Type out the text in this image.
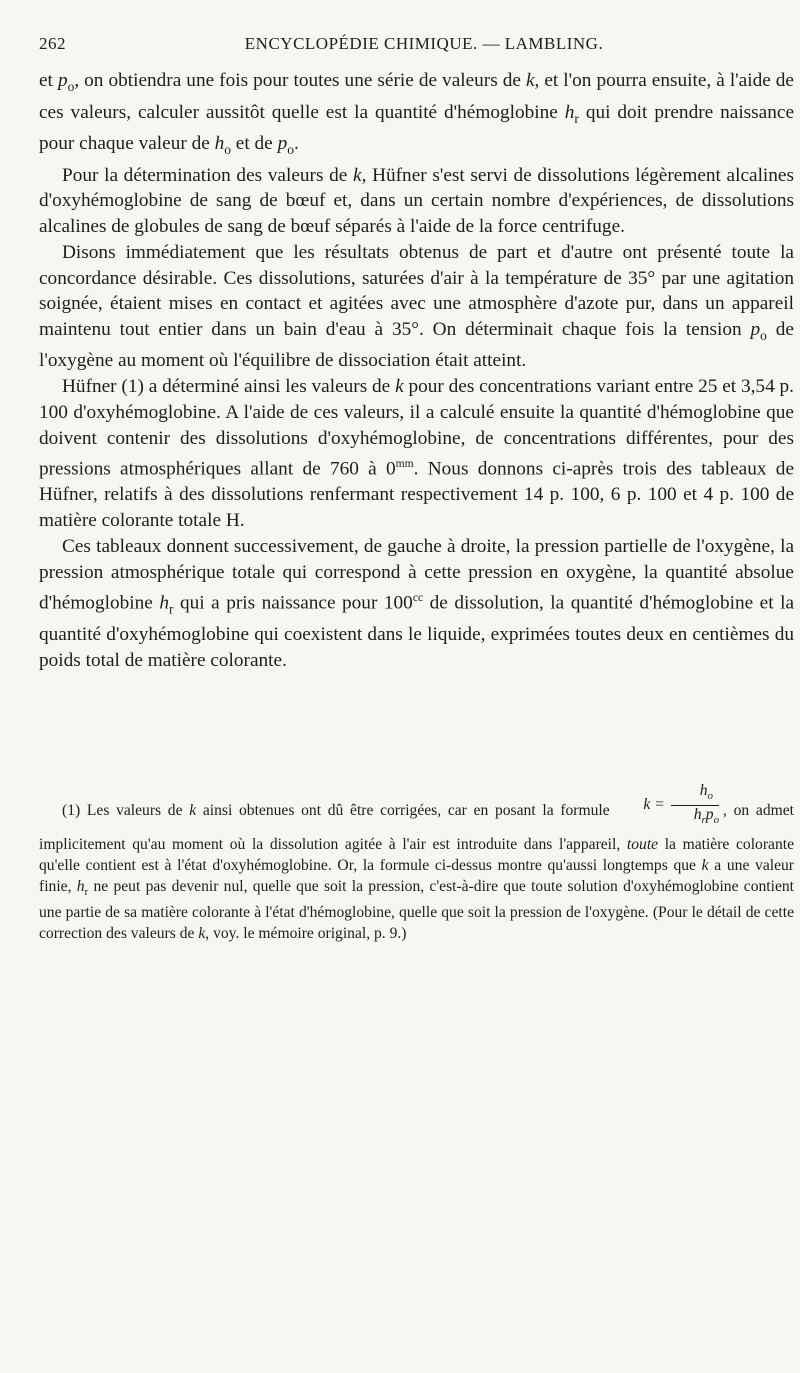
262	ENCYCLOPÉDIE CHIMIQUE. — LAMBLING.

et $p_o$, on obtiendra une fois pour toutes une série de valeurs de k, et l'on pourra ensuite, à l'aide de ces valeurs, calculer aussitôt quelle est la quantité d'hémoglobine $h_r$ qui doit prendre naissance pour chaque valeur de $h_o$ et de $p_o$.

Pour la détermination des valeurs de k, Hüfner s'est servi de dissolutions légèrement alcalines d'oxyhémoglobine de sang de bœuf et, dans un certain nombre d'expériences, de dissolutions alcalines de globules de sang de bœuf séparés à l'aide de la force centrifuge.

Disons immédiatement que les résultats obtenus de part et d'autre ont présenté toute la concordance désirable. Ces dissolutions, saturées d'air à la température de 35° par une agitation soignée, étaient mises en contact et agitées avec une atmosphère d'azote pur, dans un appareil maintenu tout entier dans un bain d'eau à 35°. On déterminait chaque fois la tension $p_o$ de l'oxygène au moment où l'équilibre de dissociation était atteint.

Hüfner (1) a déterminé ainsi les valeurs de k pour des concentrations variant entre 25 et 3,54 p. 100 d'oxyhémoglobine. A l'aide de ces valeurs, il a calculé ensuite la quantité d'hémoglobine que doivent contenir des dissolutions d'oxyhémoglobine, de concentrations différentes, pour des pressions atmosphériques allant de 760 à $0^{mm}$. Nous donnons ci-après trois des tableaux de Hüfner, relatifs à des dissolutions renfermant respectivement 14 p. 100, 6 p. 100 et 4 p. 100 de matière colorante totale H.

Ces tableaux donnent successivement, de gauche à droite, la pression partielle de l'oxygène, la pression atmosphérique totale qui correspond à cette pression en oxygène, la quantité absolue d'hémoglobine $h_r$ qui a pris naissance pour $100^{cc}$ de dissolution, la quantité d'hémoglobine et la quantité d'oxyhémoglobine qui coexistent dans le liquide, exprimées toutes deux en centièmes du poids total de matière colorante.

(1) Les valeurs de k ainsi obtenues ont dû être corrigées, car en posant la formule $k = \frac{h_o}{h_rp_o}$ , on admet implicitement qu'au moment où la dissolution agitée à l'air est introduite dans l'appareil, toute la matière colorante qu'elle contient est à l'état d'oxyhémoglobine. Or, la formule ci-dessus montre qu'aussi longtemps que k a une valeur finie, $h_r$ ne peut pas devenir nul, quelle que soit la pression, c'est-à-dire que toute solution d'oxyhémoglobine contient une partie de sa matière colorante à l'état d'hémoglobine, quelle que soit la pression de l'oxygène. (Pour le détail de cette correction des valeurs de k, voy. le mémoire original, p. 9.)
